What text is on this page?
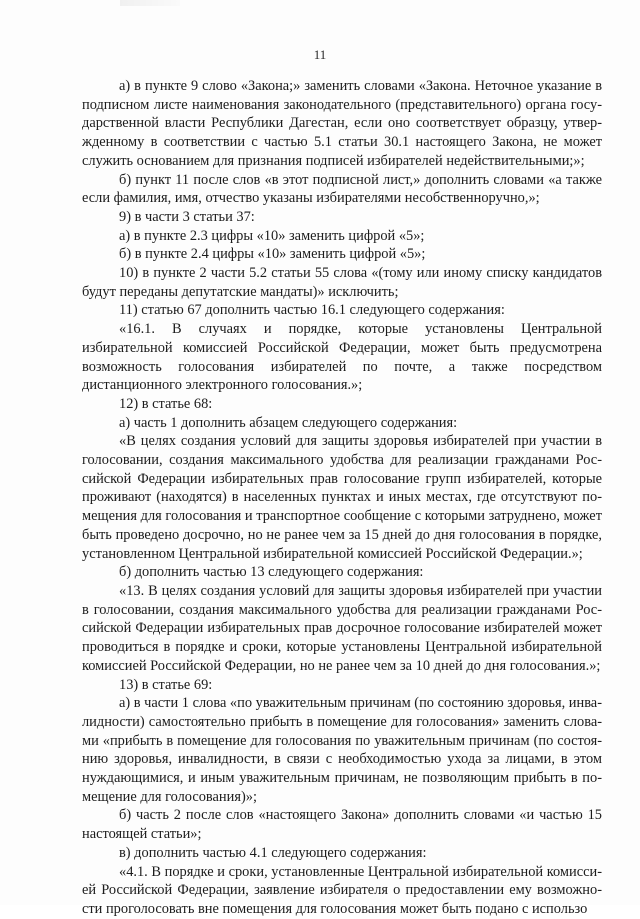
11

а) в пункте 9 слово «Закона;» заменить словами «Закона. Неточное указание в подписном листе наименования законодательного (представительного) органа государственной власти Республики Дагестан, если оно соответствует образцу, утвержденному в соответствии с частью 5.1 статьи 30.1 настоящего Закона, не может служить основанием для признания подписей избирателей недействительными;»;

б) пункт 11 после слов «в этот подписной лист,» дополнить словами «а также если фамилия, имя, отчество указаны избирателями несобственноручно,»;

9) в части 3 статьи 37:

а) в пункте 2.3 цифры «10» заменить цифрой «5»;

б) в пункте 2.4 цифры «10» заменить цифрой «5»;

10) в пункте 2 части 5.2 статьи 55 слова «(тому или иному списку кандидатов будут переданы депутатские мандаты)» исключить;

11) статью 67 дополнить частью 16.1 следующего содержания:

«16.1. В случаях и порядке, которые установлены Центральной избирательной комиссией Российской Федерации, может быть предусмотрена возможность голосования избирателей по почте, а также посредством дистанционного электронного голосования.»;

12) в статье 68:

а) часть 1 дополнить абзацем следующего содержания:

«В целях создания условий для защиты здоровья избирателей при участии в голосовании, создания максимального удобства для реализации гражданами Российской Федерации избирательных прав голосование групп избирателей, которые проживают (находятся) в населенных пунктах и иных местах, где отсутствуют помещения для голосования и транспортное сообщение с которыми затруднено, может быть проведено досрочно, но не ранее чем за 15 дней до дня голосования в порядке, установленном Центральной избирательной комиссией Российской Федерации.»;

б) дополнить частью 13 следующего содержания:

«13. В целях создания условий для защиты здоровья избирателей при участии в голосовании, создания максимального удобства для реализации гражданами Российской Федерации избирательных прав досрочное голосование избирателей может проводиться в порядке и сроки, которые установлены Центральной избирательной комиссией Российской Федерации, но не ранее чем за 10 дней до дня голосования.»;

13) в статье 69:

а) в части 1 слова «по уважительным причинам (по состоянию здоровья, инвалидности) самостоятельно прибыть в помещение для голосования» заменить словами «прибыть в помещение для голосования по уважительным причинам (по состоянию здоровья, инвалидности, в связи с необходимостью ухода за лицами, в этом нуждающимися, и иным уважительным причинам, не позволяющим прибыть в помещение для голосования)»;

б) часть 2 после слов «настоящего Закона» дополнить словами «и частью 15 настоящей статьи»;

в) дополнить частью 4.1 следующего содержания:

«4.1. В порядке и сроки, установленные Центральной избирательной комиссией Российской Федерации, заявление избирателя о предоставлении ему возможности проголосовать вне помещения для голосования может быть подано с использо
